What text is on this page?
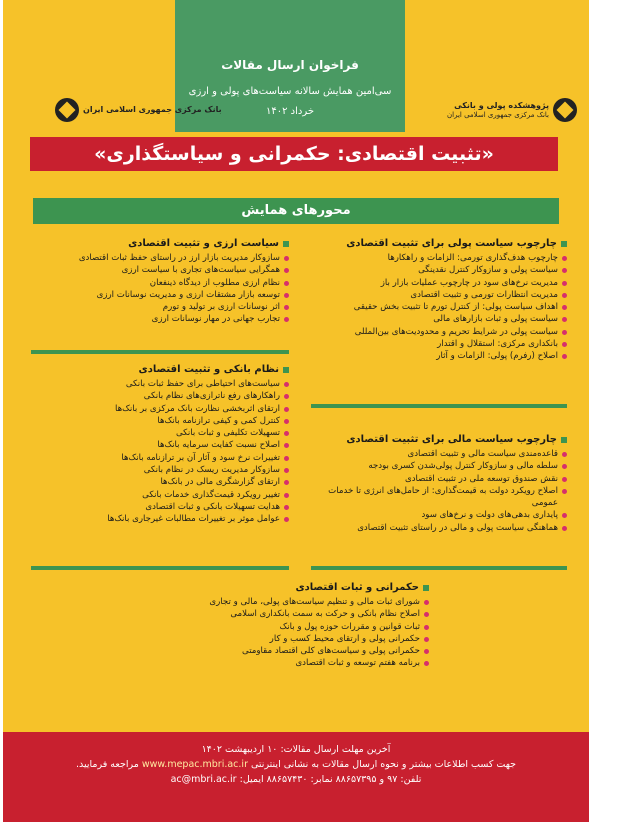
فراخوان ارسال مقالات
سی‌امین همایش سالانه سیاست‌های پولی و ارزی
خرداد ۱۴۰۲
پژوهشکده پولی و بانکی
بانک مرکزی جمهوری اسلامی ایران
بانک مرکزی جمهوری اسلامی ایران
«تثبیت اقتصادی: حکمرانی و سیاستگذاری»
محورهای همایش
چارچوب سیاست پولی برای تثبیت اقتصادی
چارچوب هدف‌گذاری تورمی: الزامات و راهکارها
سیاست پولی و سازوکار کنترل نقدینگی
مدیریت نرخ‌های سود در چارچوب عملیات بازار باز
مدیریت انتظارات تورمی و تثبیت اقتصادی
اهداف سیاست پولی: از کنترل تورم تا تثبیت بخش حقیقی
سیاست پولی و ثبات بازارهای مالی
سیاست پولی در شرایط تحریم و محدودیت‌های بین‌المللی
بانکداری مرکزی: استقلال و اقتدار
اصلاح (رفرم) پولی: الزامات و آثار
چارچوب سیاست مالی برای تثبیت اقتصادی
قاعده‌مندی سیاست مالی و تثبیت اقتصادی
سلطه مالی و سازوکار کنترل پولی‌شدن کسری بودجه
نقش صندوق توسعه ملی در تثبیت اقتصادی
اصلاح رویکرد دولت به قیمت‌گذاری: از حامل‌های انرژی تا خدمات عمومی
پایداری بدهی‌های دولت و نرخ‌های سود
هماهنگی سیاست پولی و مالی در راستای تثبیت اقتصادی
سیاست ارزی و تثبیت اقتصادی
سازوکار مدیریت بازار ارز در راستای حفظ ثبات اقتصادی
همگرایی سیاست‌های تجاری با سیاست ارزی
نظام ارزی مطلوب از دیدگاه ذینفعان
توسعه بازار مشتقات ارزی و مدیریت نوسانات ارزی
اثر نوسانات ارزی بر تولید و تورم
تجارب جهانی در مهار نوسانات ارزی
نظام بانکی و تثبیت اقتصادی
سیاست‌های احتیاطی برای حفظ ثبات بانکی
راهکارهای رفع ناترازی‌های نظام بانکی
ارتقای اثربخشی نظارت بانک مرکزی بر بانک‌ها
کنترل کمی و کیفی ترازنامه بانک‌ها
تسهیلات تکلیفی و ثبات بانکی
اصلاح نسبت کفایت سرمایه بانک‌ها
تغییرات نرخ سود و آثار آن بر ترازنامه بانک‌ها
سازوکار مدیریت ریسک در نظام بانکی
ارتقای گزارشگری مالی در بانک‌ها
تغییر رویکرد قیمت‌گذاری خدمات بانکی
هدایت تسهیلات بانکی و ثبات اقتصادی
عوامل موثر بر تغییرات مطالبات غیرجاری بانک‌ها
حکمرانی و ثبات اقتصادی
شورای ثبات مالی و تنظیم سیاست‌های پولی، مالی و تجاری
اصلاح نظام بانکی و حرکت به سمت بانکداری اسلامی
ثبات قوانین و مقررات حوزه پول و بانک
حکمرانی پولی و ارتقای محیط کسب و کار
حکمرانی پولی و سیاست‌های کلی اقتصاد مقاومتی
برنامه هفتم توسعه و ثبات اقتصادی
آخرین مهلت ارسال مقالات: ۱۰ اردیبهشت ۱۴۰۲
جهت کسب اطلاعات بیشتر و نحوه ارسال مقالات به نشانی اینترنتی www.mepac.mbri.ac.ir مراجعه فرمایید.
تلفن: ۹۷ و ۸۸۶۵۷۳۹۵ نمابر: ۸۸۶۵۷۴۳۰ ایمیل: ac@mbri.ac.ir
